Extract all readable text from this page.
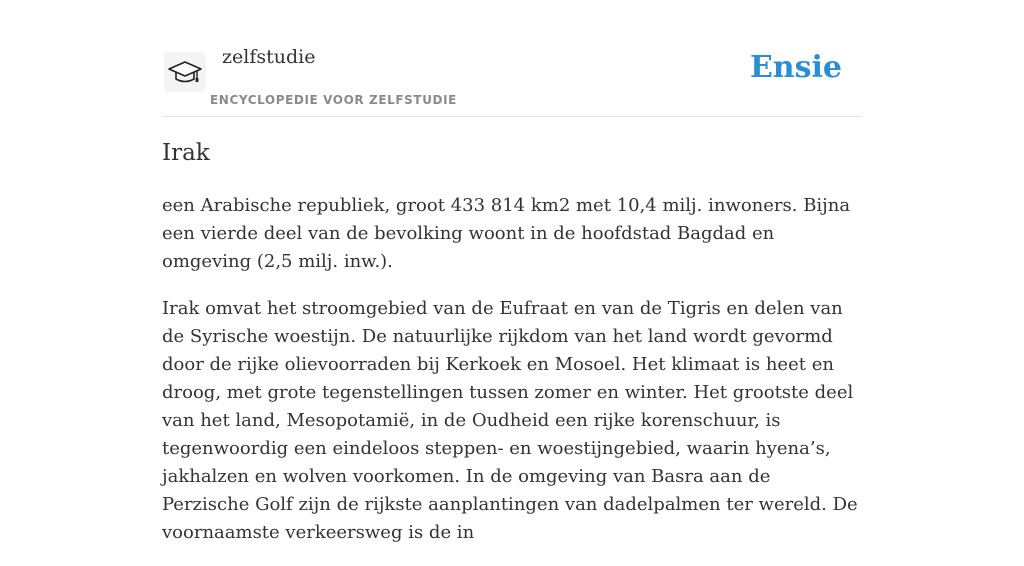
zelfstudie
ENCYCLOPEDIE VOOR ZELFSTUDIE
Ensie
Irak

een Arabische republiek, groot 433 814 km2 met 10,4 milj. inwoners. Bijna een vierde deel van de bevolking woont in de hoofdstad Bagdad en omgeving (2,5 milj. inw.).

Irak omvat het stroomgebied van de Eufraat en van de Tigris en delen van de Syrische woestijn. De natuurlijke rijkdom van het land wordt gevormd door de rijke olievoorraden bij Kerkoek en Mosoel. Het klimaat is heet en droog, met grote tegenstellingen tussen zomer en winter. Het grootste deel van het land, Mesopotamië, in de Oudheid een rijke korenschuur, is tegenwoordig een eindeloos steppen- en woestijngebied, waarin hyena’s, jakhalzen en wolven voorkomen. In de omgeving van Basra aan de Perzische Golf zijn de rijkste aanplantingen van dadelpalmen ter wereld. De voornaamste verkeersweg is de in
